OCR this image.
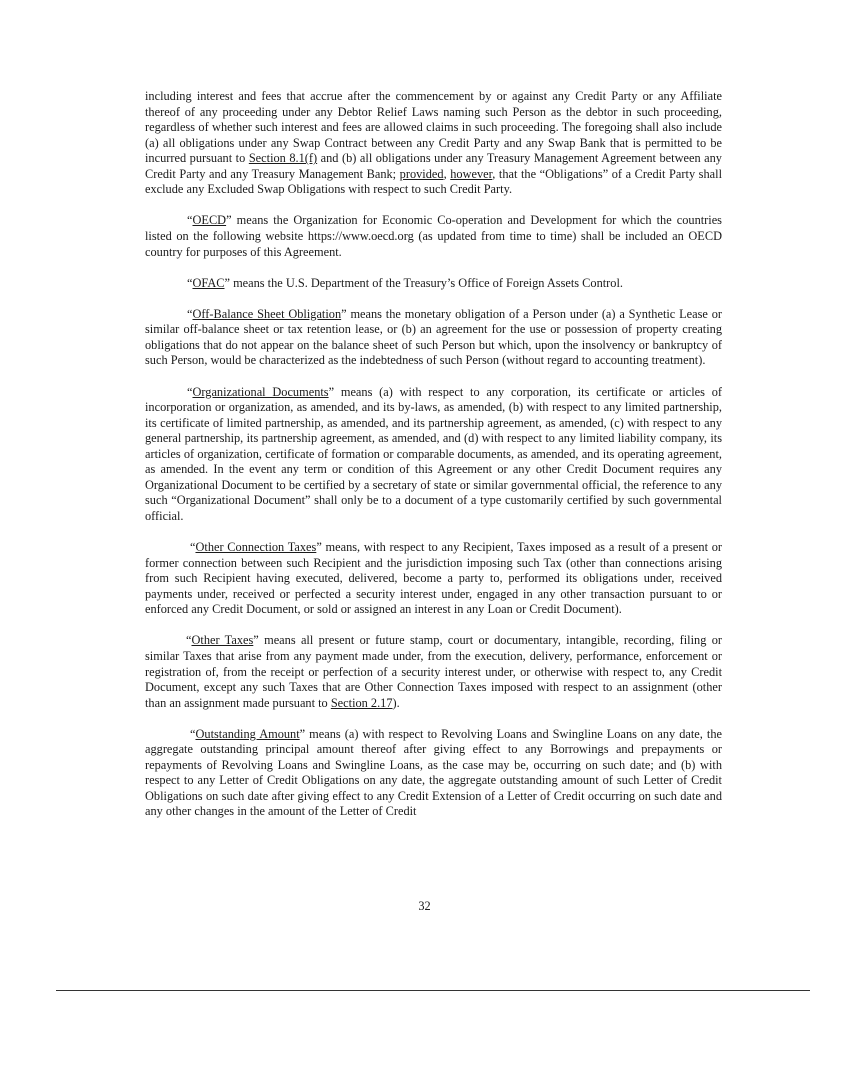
including interest and fees that accrue after the commencement by or against any Credit Party or any Affiliate thereof of any proceeding under any Debtor Relief Laws naming such Person as the debtor in such proceeding, regardless of whether such interest and fees are allowed claims in such proceeding. The foregoing shall also include (a) all obligations under any Swap Contract between any Credit Party and any Swap Bank that is permitted to be incurred pursuant to Section 8.1(f) and (b) all obligations under any Treasury Management Agreement between any Credit Party and any Treasury Management Bank; provided, however, that the “Obligations” of a Credit Party shall exclude any Excluded Swap Obligations with respect to such Credit Party.

“OECD” means the Organization for Economic Co-operation and Development for which the countries listed on the following website https://www.oecd.org (as updated from time to time) shall be included an OECD country for purposes of this Agreement.

“OFAC” means the U.S. Department of the Treasury’s Office of Foreign Assets Control.

“Off-Balance Sheet Obligation” means the monetary obligation of a Person under (a) a Synthetic Lease or similar off-balance sheet or tax retention lease, or (b) an agreement for the use or possession of property creating obligations that do not appear on the balance sheet of such Person but which, upon the insolvency or bankruptcy of such Person, would be characterized as the indebtedness of such Person (without regard to accounting treatment).

“Organizational Documents” means (a) with respect to any corporation, its certificate or articles of incorporation or organization, as amended, and its by-laws, as amended, (b) with respect to any limited partnership, its certificate of limited partnership, as amended, and its partnership agreement, as amended, (c) with respect to any general partnership, its partnership agreement, as amended, and (d) with respect to any limited liability company, its articles of organization, certificate of formation or comparable documents, as amended, and its operating agreement, as amended. In the event any term or condition of this Agreement or any other Credit Document requires any Organizational Document to be certified by a secretary of state or similar governmental official, the reference to any such “Organizational Document” shall only be to a document of a type customarily certified by such governmental official.

“Other Connection Taxes” means, with respect to any Recipient, Taxes imposed as a result of a present or former connection between such Recipient and the jurisdiction imposing such Tax (other than connections arising from such Recipient having executed, delivered, become a party to, performed its obligations under, received payments under, received or perfected a security interest under, engaged in any other transaction pursuant to or enforced any Credit Document, or sold or assigned an interest in any Loan or Credit Document).

“Other Taxes” means all present or future stamp, court or documentary, intangible, recording, filing or similar Taxes that arise from any payment made under, from the execution, delivery, performance, enforcement or registration of, from the receipt or perfection of a security interest under, or otherwise with respect to, any Credit Document, except any such Taxes that are Other Connection Taxes imposed with respect to an assignment (other than an assignment made pursuant to Section 2.17).

“Outstanding Amount” means (a) with respect to Revolving Loans and Swingline Loans on any date, the aggregate outstanding principal amount thereof after giving effect to any Borrowings and prepayments or repayments of Revolving Loans and Swingline Loans, as the case may be, occurring on such date; and (b) with respect to any Letter of Credit Obligations on any date, the aggregate outstanding amount of such Letter of Credit Obligations on such date after giving effect to any Credit Extension of a Letter of Credit occurring on such date and any other changes in the amount of the Letter of Credit

32
